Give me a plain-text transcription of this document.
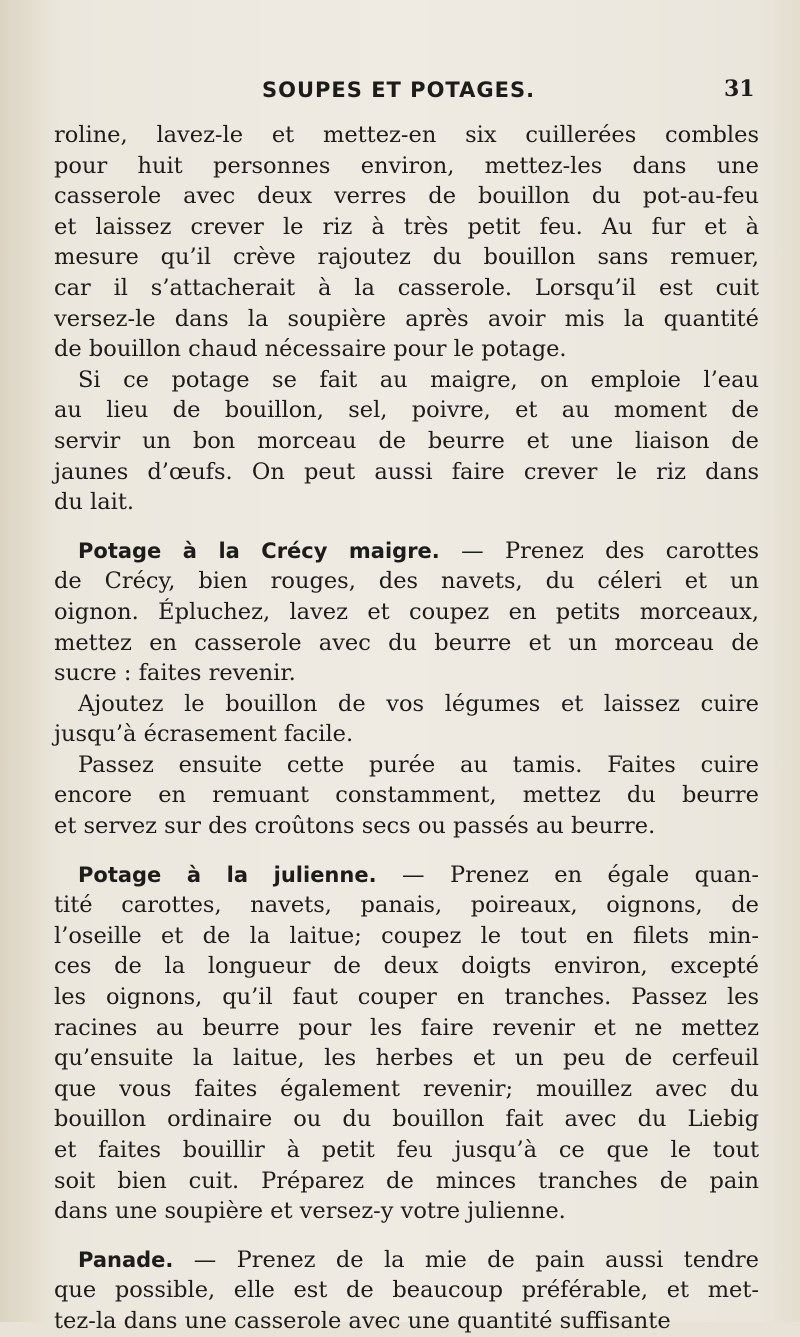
SOUPES ET POTAGES.	31
roline, lavez-le et mettez-en six cuillerées combles
pour huit personnes environ, mettez-les dans une
casserole avec deux verres de bouillon du pot-au-feu
et laissez crever le riz à très petit feu. Au fur et à
mesure qu’il crève rajoutez du bouillon sans remuer,
car il s’attacherait à la casserole. Lorsqu’il est cuit
versez-le dans la soupière après avoir mis la quantité
de bouillon chaud nécessaire pour le potage.
Si ce potage se fait au maigre, on emploie l’eau
au lieu de bouillon, sel, poivre, et au moment de
servir un bon morceau de beurre et une liaison de
jaunes d’œufs. On peut aussi faire crever le riz dans
du lait.
Potage à la Crécy maigre. — Prenez des carottes
de Crécy, bien rouges, des navets, du céleri et un
oignon. Épluchez, lavez et coupez en petits morceaux,
mettez en casserole avec du beurre et un morceau de
sucre : faites revenir.
Ajoutez le bouillon de vos légumes et laissez cuire
jusqu’à écrasement facile.
Passez ensuite cette purée au tamis. Faites cuire
encore en remuant constamment, mettez du beurre
et servez sur des croûtons secs ou passés au beurre.
Potage à la julienne. — Prenez en égale quan-
tité carottes, navets, panais, poireaux, oignons, de
l’oseille et de la laitue; coupez le tout en filets min-
ces de la longueur de deux doigts environ, excepté
les oignons, qu’il faut couper en tranches. Passez les
racines au beurre pour les faire revenir et ne mettez
qu’ensuite la laitue, les herbes et un peu de cerfeuil
que vous faites également revenir; mouillez avec du
bouillon ordinaire ou du bouillon fait avec du Liebig
et faites bouillir à petit feu jusqu’à ce que le tout
soit bien cuit. Préparez de minces tranches de pain
dans une soupière et versez-y votre julienne.
Panade. — Prenez de la mie de pain aussi tendre
que possible, elle est de beaucoup préférable, et met-
tez-la dans une casserole avec une quantité suffisante
